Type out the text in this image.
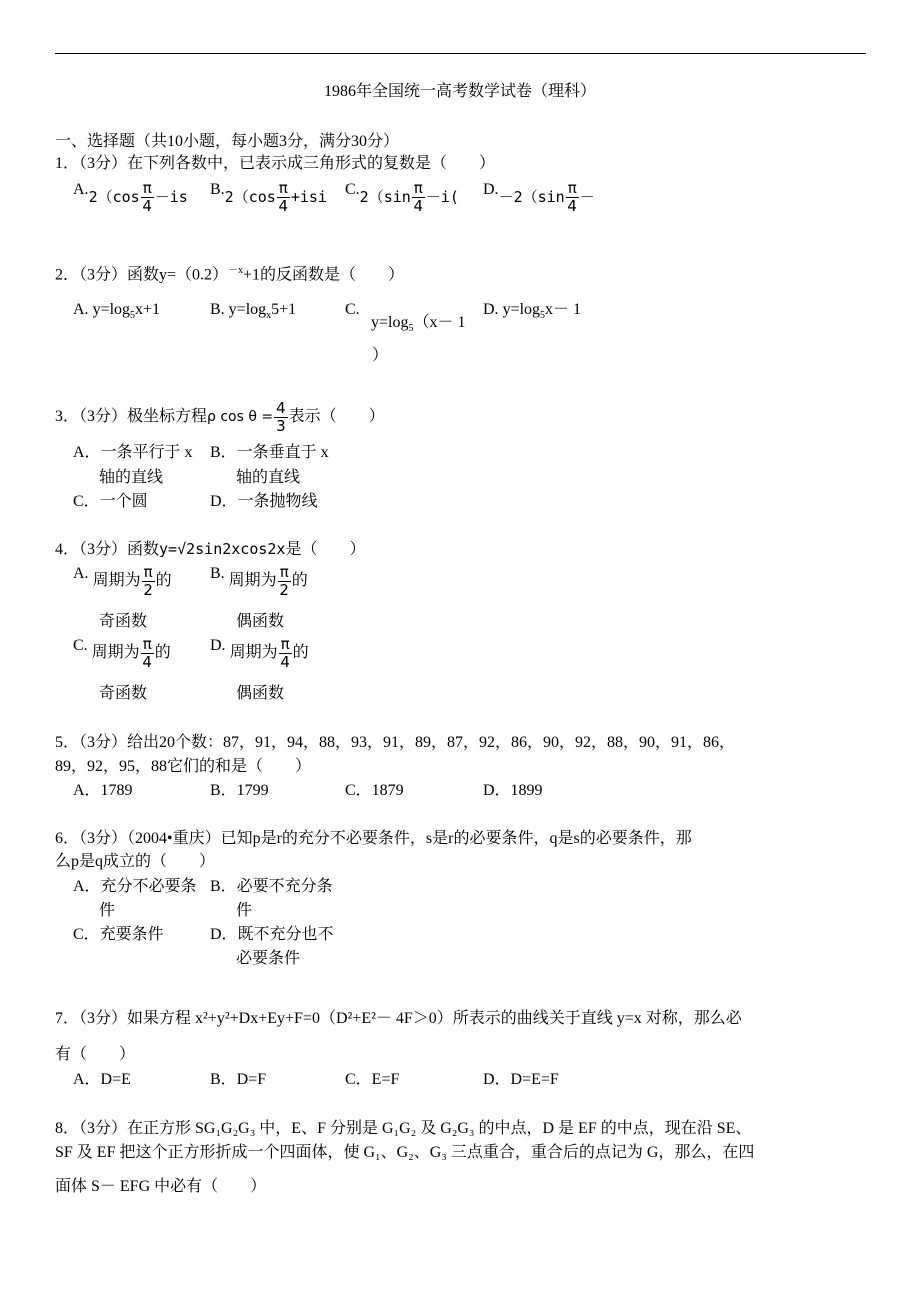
1986年全国统一高考数学试卷（理科）
一、选择题（共10小题，每小题3分，满分30分）
1．（3分）在下列各数中，已表示成三角形式的复数是（　　）
$A.2(\cos \frac{\pi}{4} -is$	$B.2(\cos \frac{\pi}{4} +isi$	$C.2(\sin \frac{\pi}{4} -i$(	$D.-2(\sin \frac{\pi}{4}$ －
2．（3分）函数$y=(0.2)^{-x}+1$的反函数是（　　）
A. $y=\log_5x+1$	B. $y=\log_x5+1$	C.
$y=\log_5(x- 1$
）
D. $y=\log_5x- 1$
3．（3分）极坐标方程ρ $\cos \theta = \frac{4}{3}$ 表示（　　）
A．一条平行于 x
轴的直线
B．一条垂直于 x
轴的直线
C．一个圆	D．一条抛物线
4．（3分）函数y=√2sin2xcos2x是（　　）
A. 周期为 $\frac{\pi}{2}$ 的
奇函数
B. 周期为 $\frac{\pi}{2}$ 的
偶函数
C. 周期为 $\frac{\pi}{4}$ 的
奇函数
D. 周期为 $\frac{\pi}{4}$ 的
偶函数
5．（3分）给出20个数：87，91，94，88，93，91，89，87，92，86，90，92，88，90，91，86，
89，92，95，88它们的和是（　　）
A．1789	B．1799	C．1879	D．1899
6．（3分）（2004•重庆）已知p是r的充分不必要条件，s是r的必要条件，q是s的必要条件，那
么p是q成立的（　　）
A．充分不必要条
件
B．必要不充分条
件
C．充要条件	D．既不充分也不
必要条件
7．（3分）如果方程 x²+y²+Dx+Ey+F=0（D²+E²－ 4F＞0）所表示的曲线关于直线 y=x 对称，那么必
有（　　）
A．D=E	B．D=F	C．E=F	D．D=E=F
8．（3分）在正方形 SG₁G₂G₃ 中，E、F 分别是 G₁G₂ 及 G₂G₃ 的中点，D 是 EF 的中点，现在沿 SE、
SF 及 EF 把这个正方形折成一个四面体，使 G₁、G₂、G₃ 三点重合，重合后的点记为 G，那么，在四
面体 S－ EFG 中必有（　　）
